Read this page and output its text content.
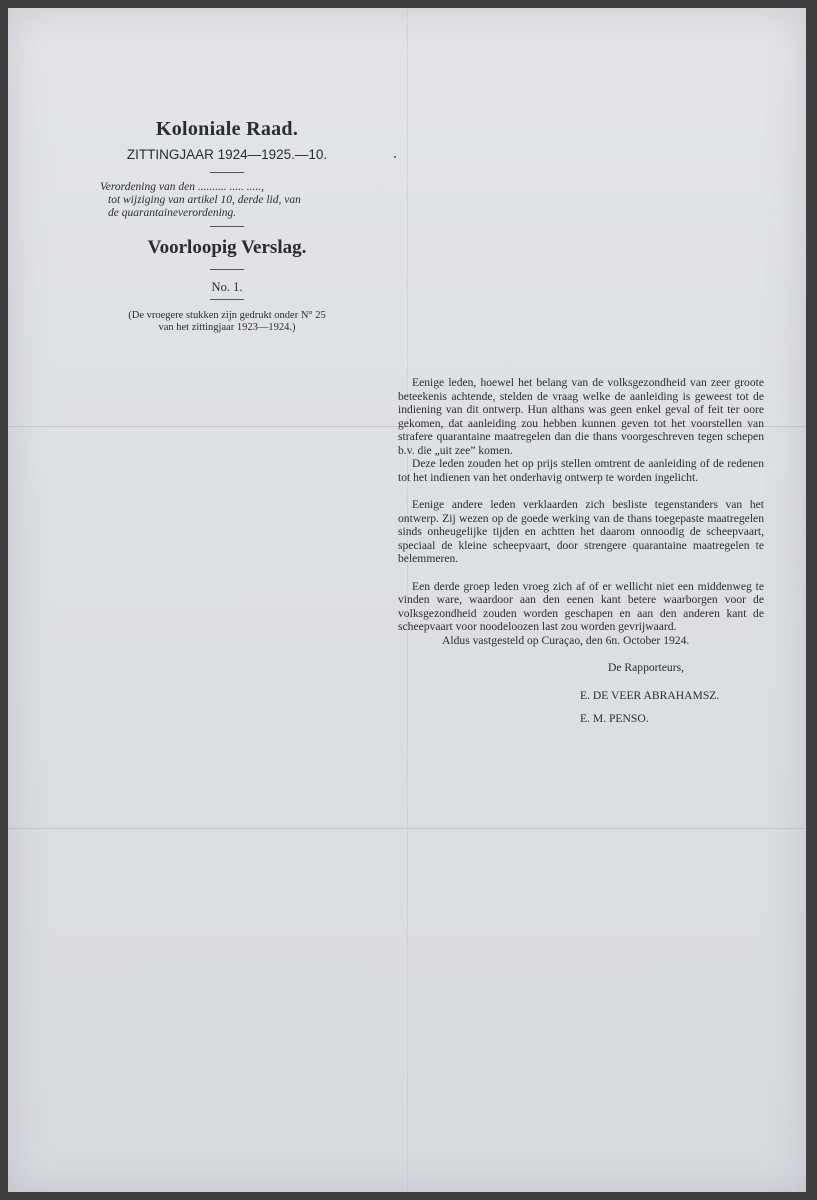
Koloniale Raad.
ZITTINGJAAR 1924—1925.—10.
Verordening van den .......... ..... .....,
tot wijziging van artikel 10, derde lid, van
de quarantaineverordening.
Voorloopig Verslag.
No. 1.
(De vroegere stukken zijn gedrukt onder N° 25
van het zittingjaar 1923—1924.)

Eenige leden, hoewel het belang van de volksgezondheid van zeer groote beteekenis achtende, stelden de vraag welke de aanleiding is geweest tot de indiening van dit ontwerp. Hun althans was geen enkel geval of feit ter oore gekomen, dat aanleiding zou hebben kunnen geven tot het voorstellen van strafere quarantaine maatregelen dan die thans voorgeschreven tegen schepen b.v. die „uit zee” komen.

Deze leden zouden het op prijs stellen omtrent de aanleiding of de redenen tot het indienen van het onderhavig ontwerp te worden ingelicht.

Eenige andere leden verklaarden zich besliste tegenstanders van het ontwerp. Zij wezen op de goede werking van de thans toegepaste maatregelen sinds onheugelijke tijden en achtten het daarom onnoodig de scheepvaart, speciaal de kleine scheepvaart, door strengere quarantaine maatregelen te belemmeren.

Een derde groep leden vroeg zich af of er wellicht niet een middenweg te vinden ware, waardoor aan den eenen kant betere waarborgen voor de volksgezondheid zouden worden geschapen en aan den anderen kant de scheepvaart voor noodeloozen last zou worden gevrijwaard.

Aldus vastgesteld op Curaçao, den 6n. October 1924.

De Rapporteurs,
E. DE VEER ABRAHAMSZ.
E. M. PENSO.
